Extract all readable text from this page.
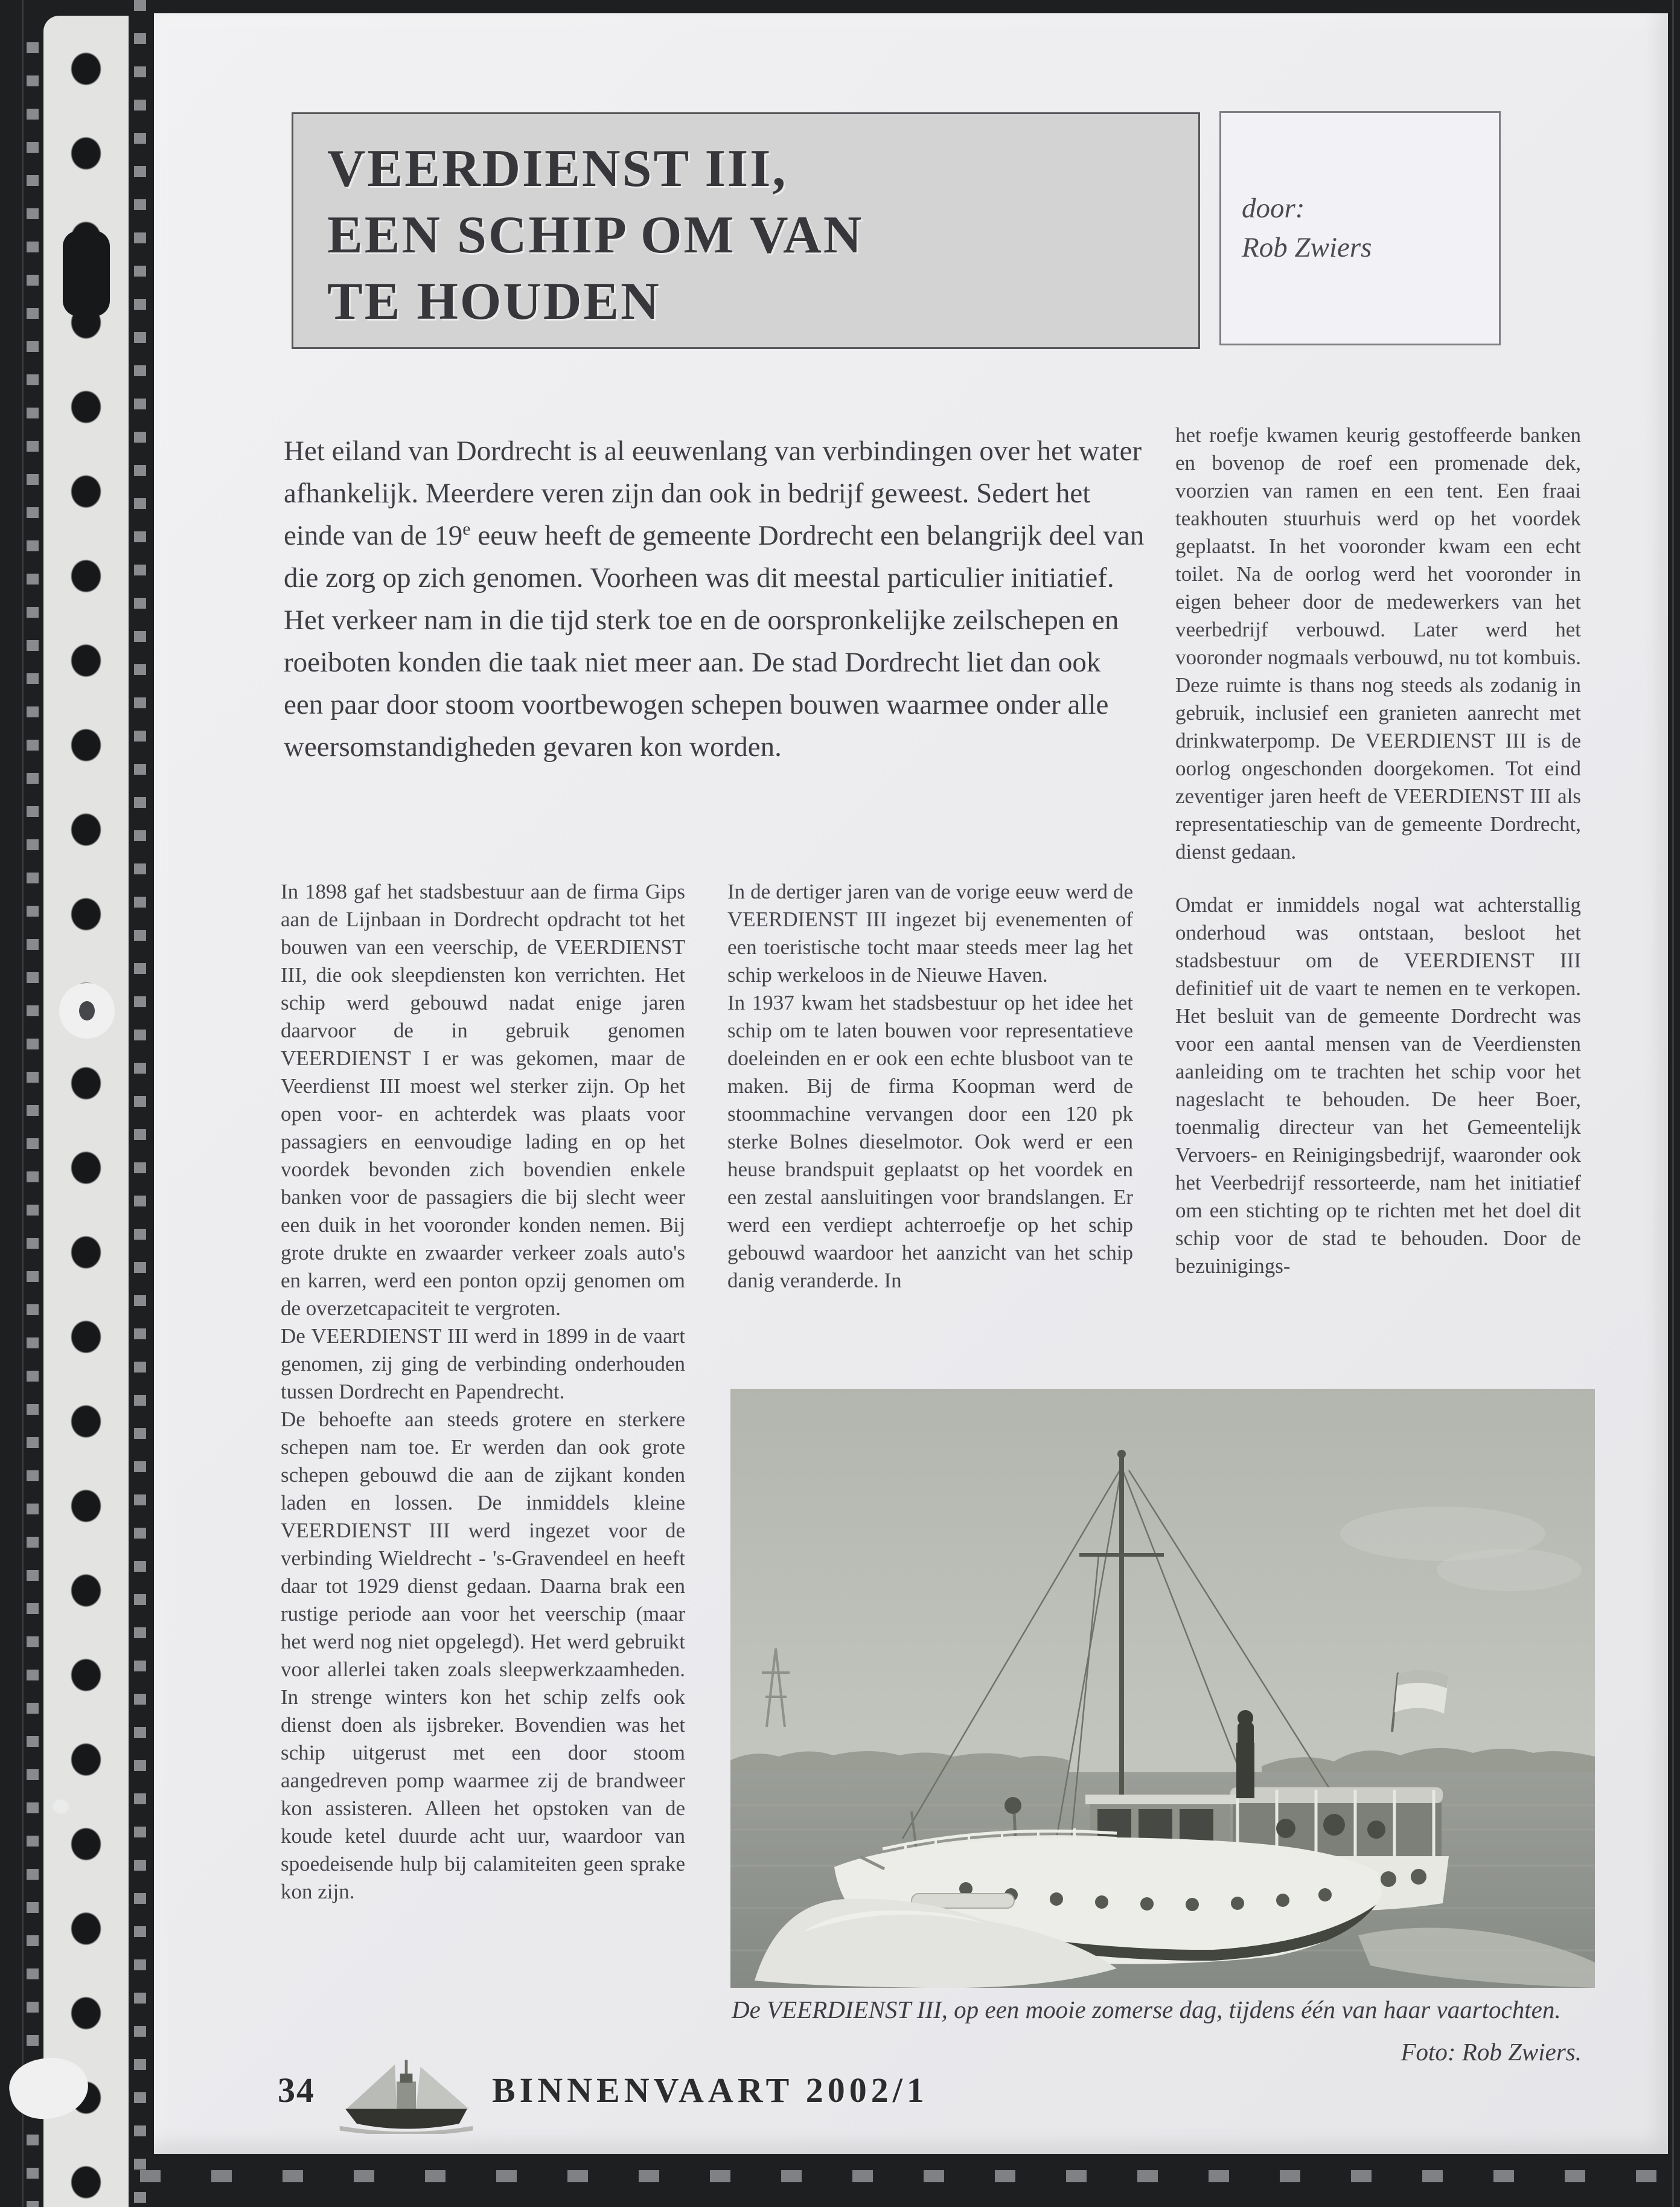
VEERDIENST III,
EEN SCHIP OM VAN
TE HOUDEN
door:
Rob Zwiers

Het eiland van Dordrecht is al eeuwenlang van verbindingen over het water afhankelijk. Meerdere veren zijn dan ook in bedrijf geweest. Sedert het einde van de 19e eeuw heeft de gemeente Dordrecht een belangrijk deel van die zorg op zich genomen. Voorheen was dit meestal particulier initiatief. Het verkeer nam in die tijd sterk toe en de oorspronkelijke zeilschepen en roeiboten konden die taak niet meer aan. De stad Dordrecht liet dan ook een paar door stoom voortbewogen schepen bouwen waarmee onder alle weersomstandigheden gevaren kon worden.

In 1898 gaf het stadsbestuur aan de firma Gips aan de Lijnbaan in Dordrecht opdracht tot het bouwen van een veerschip, de VEERDIENST III, die ook sleepdiensten kon verrichten. Het schip werd gebouwd nadat enige jaren daarvoor de in gebruik genomen VEERDIENST I er was gekomen, maar de Veerdienst III moest wel sterker zijn. Op het open voor- en achterdek was plaats voor passagiers en eenvoudige lading en op het voordek bevonden zich bovendien enkele banken voor de passagiers die bij slecht weer een duik in het vooronder konden nemen. Bij grote drukte en zwaarder verkeer zoals auto's en karren, werd een ponton opzij genomen om de overzetcapaciteit te vergroten.

De VEERDIENST III werd in 1899 in de vaart genomen, zij ging de verbinding onderhouden tussen Dordrecht en Papendrecht.

De behoefte aan steeds grotere en sterkere schepen nam toe. Er werden dan ook grote schepen gebouwd die aan de zijkant konden laden en lossen. De inmiddels kleine VEERDIENST III werd ingezet voor de verbinding Wieldrecht - 's-Gravendeel en heeft daar tot 1929 dienst gedaan. Daarna brak een rustige periode aan voor het veerschip (maar het werd nog niet opgelegd). Het werd gebruikt voor allerlei taken zoals sleepwerkzaamheden. In strenge winters kon het schip zelfs ook dienst doen als ijsbreker. Bovendien was het schip uitgerust met een door stoom aangedreven pomp waarmee zij de brandweer kon assisteren. Alleen het opstoken van de koude ketel duurde acht uur, waardoor van spoedeisende hulp bij calamiteiten geen sprake kon zijn.

In de dertiger jaren van de vorige eeuw werd de VEERDIENST III ingezet bij evenementen of een toeristische tocht maar steeds meer lag het schip werkeloos in de Nieuwe Haven.

In 1937 kwam het stadsbestuur op het idee het schip om te laten bouwen voor representatieve doeleinden en er ook een echte blusboot van te maken. Bij de firma Koopman werd de stoommachine vervangen door een 120 pk sterke Bolnes dieselmotor. Ook werd er een heuse brandspuit geplaatst op het voordek en een zestal aansluitingen voor brandslangen. Er werd een verdiept achterroefje op het schip gebouwd waardoor het aanzicht van het schip danig veranderde. In

het roefje kwamen keurig gestoffeerde banken en bovenop de roef een promenade dek, voorzien van ramen en een tent. Een fraai teakhouten stuurhuis werd op het voordek geplaatst. In het vooronder kwam een echt toilet. Na de oorlog werd het vooronder in eigen beheer door de medewerkers van het veerbedrijf verbouwd. Later werd het vooronder nogmaals verbouwd, nu tot kombuis. Deze ruimte is thans nog steeds als zodanig in gebruik, inclusief een granieten aanrecht met drinkwaterpomp. De VEERDIENST III is de oorlog ongeschonden doorgekomen. Tot eind zeventiger jaren heeft de VEERDIENST III als representatieschip van de gemeente Dordrecht, dienst gedaan.

Omdat er inmiddels nogal wat achterstallig onderhoud was ontstaan, besloot het stadsbestuur om de VEERDIENST III definitief uit de vaart te nemen en te verkopen. Het besluit van de gemeente Dordrecht was voor een aantal mensen van de Veerdiensten aanleiding om te trachten het schip voor het nageslacht te behouden. De heer Boer, toenmalig directeur van het Gemeentelijk Vervoers- en Reinigingsbedrijf, waaronder ook het Veerbedrijf ressorteerde, nam het initiatief om een stichting op te richten met het doel dit schip voor de stad te behouden. Door de bezuinigings-

De VEERDIENST III, op een mooie zomerse dag, tijdens één van haar vaartochten.

Foto: Rob Zwiers.

34	BINNENVAART 2002/1
